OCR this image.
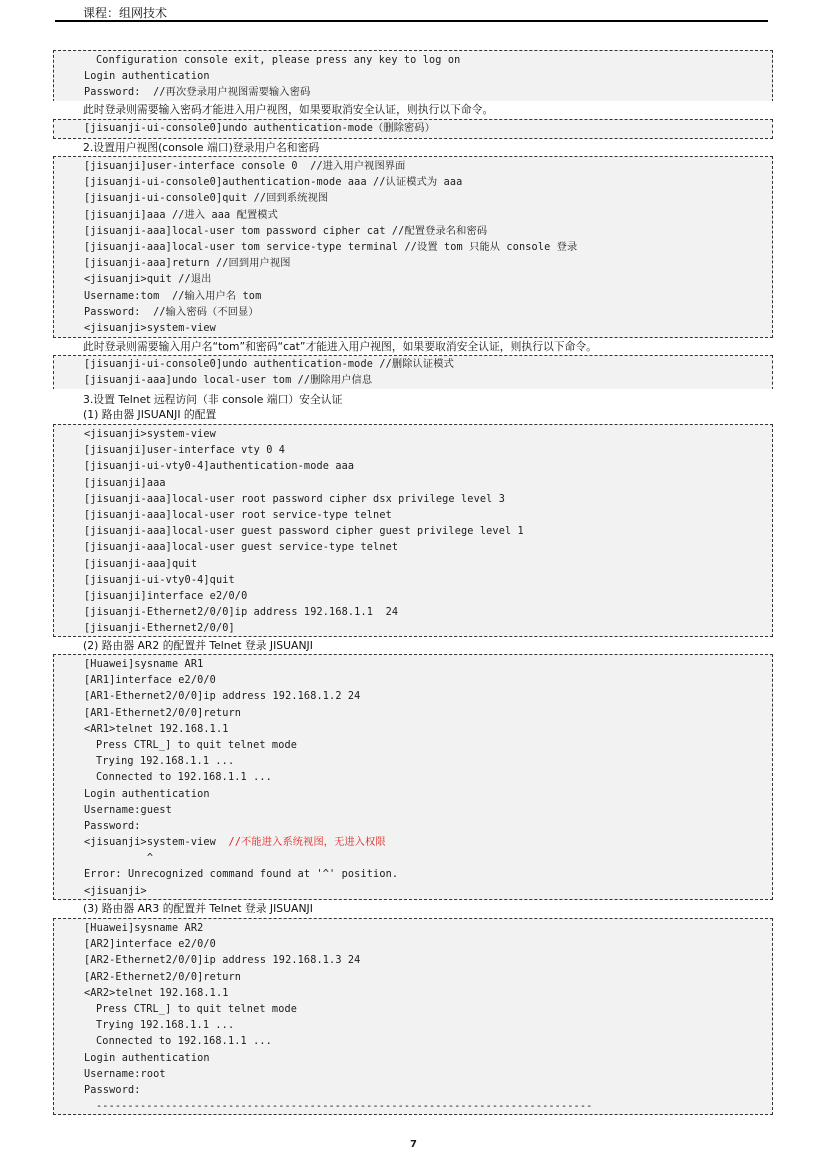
课程：组网技术
Configuration console exit, please press any key to log on
Login authentication
Password:  //再次登录用户视图需要输入密码
此时登录则需要输入密码才能进入用户视图，如果要取消安全认证，则执行以下命令。
[jisuanji-ui-console0]undo authentication-mode（删除密码）
2.设置用户视图(console 端口)登录用户名和密码
[jisuanji]user-interface console 0  //进入用户视图界面
[jisuanji-ui-console0]authentication-mode aaa //认证模式为 aaa
[jisuanji-ui-console0]quit //回到系统视图
[jisuanji]aaa //进入 aaa 配置模式
[jisuanji-aaa]local-user tom password cipher cat //配置登录名和密码
[jisuanji-aaa]local-user tom service-type terminal //设置 tom 只能从 console 登录
[jisuanji-aaa]return //回到用户视图
<jisuanji>quit //退出
Username:tom  //输入用户名 tom
Password:  //输入密码（不回显）
<jisuanji>system-view
此时登录则需要输入用户名“tom”和密码“cat”才能进入用户视图，如果要取消安全认证，则执行以下命令。
[jisuanji-ui-console0]undo authentication-mode //删除认证模式
[jisuanji-aaa]undo local-user tom //删除用户信息
3.设置 Telnet 远程访问（非 console 端口）安全认证
(1) 路由器 JISUANJI 的配置
<jisuanji>system-view
[jisuanji]user-interface vty 0 4
[jisuanji-ui-vty0-4]authentication-mode aaa
[jisuanji]aaa
[jisuanji-aaa]local-user root password cipher dsx privilege level 3
[jisuanji-aaa]local-user root service-type telnet
[jisuanji-aaa]local-user guest password cipher guest privilege level 1
[jisuanji-aaa]local-user guest service-type telnet
[jisuanji-aaa]quit
[jisuanji-ui-vty0-4]quit
[jisuanji]interface e2/0/0
[jisuanji-Ethernet2/0/0]ip address 192.168.1.1  24
[jisuanji-Ethernet2/0/0]
(2) 路由器 AR2 的配置并 Telnet 登录 JISUANJI
[Huawei]sysname AR1
[AR1]interface e2/0/0
[AR1-Ethernet2/0/0]ip address 192.168.1.2 24
[AR1-Ethernet2/0/0]return
<AR1>telnet 192.168.1.1
Press CTRL_] to quit telnet mode
Trying 192.168.1.1 ...
Connected to 192.168.1.1 ...
Login authentication
Username:guest
Password:
<jisuanji>system-view  //不能进入系统视图，无进入权限
^
Error: Unrecognized command found at '^' position.
<jisuanji>
(3) 路由器 AR3 的配置并 Telnet 登录 JISUANJI
[Huawei]sysname AR2
[AR2]interface e2/0/0
[AR2-Ethernet2/0/0]ip address 192.168.1.3 24
[AR2-Ethernet2/0/0]return
<AR2>telnet 192.168.1.1
Press CTRL_] to quit telnet mode
Trying 192.168.1.1 ...
Connected to 192.168.1.1 ...
Login authentication
Username:root
Password:
-------------------------------------------------------------------------------
7
